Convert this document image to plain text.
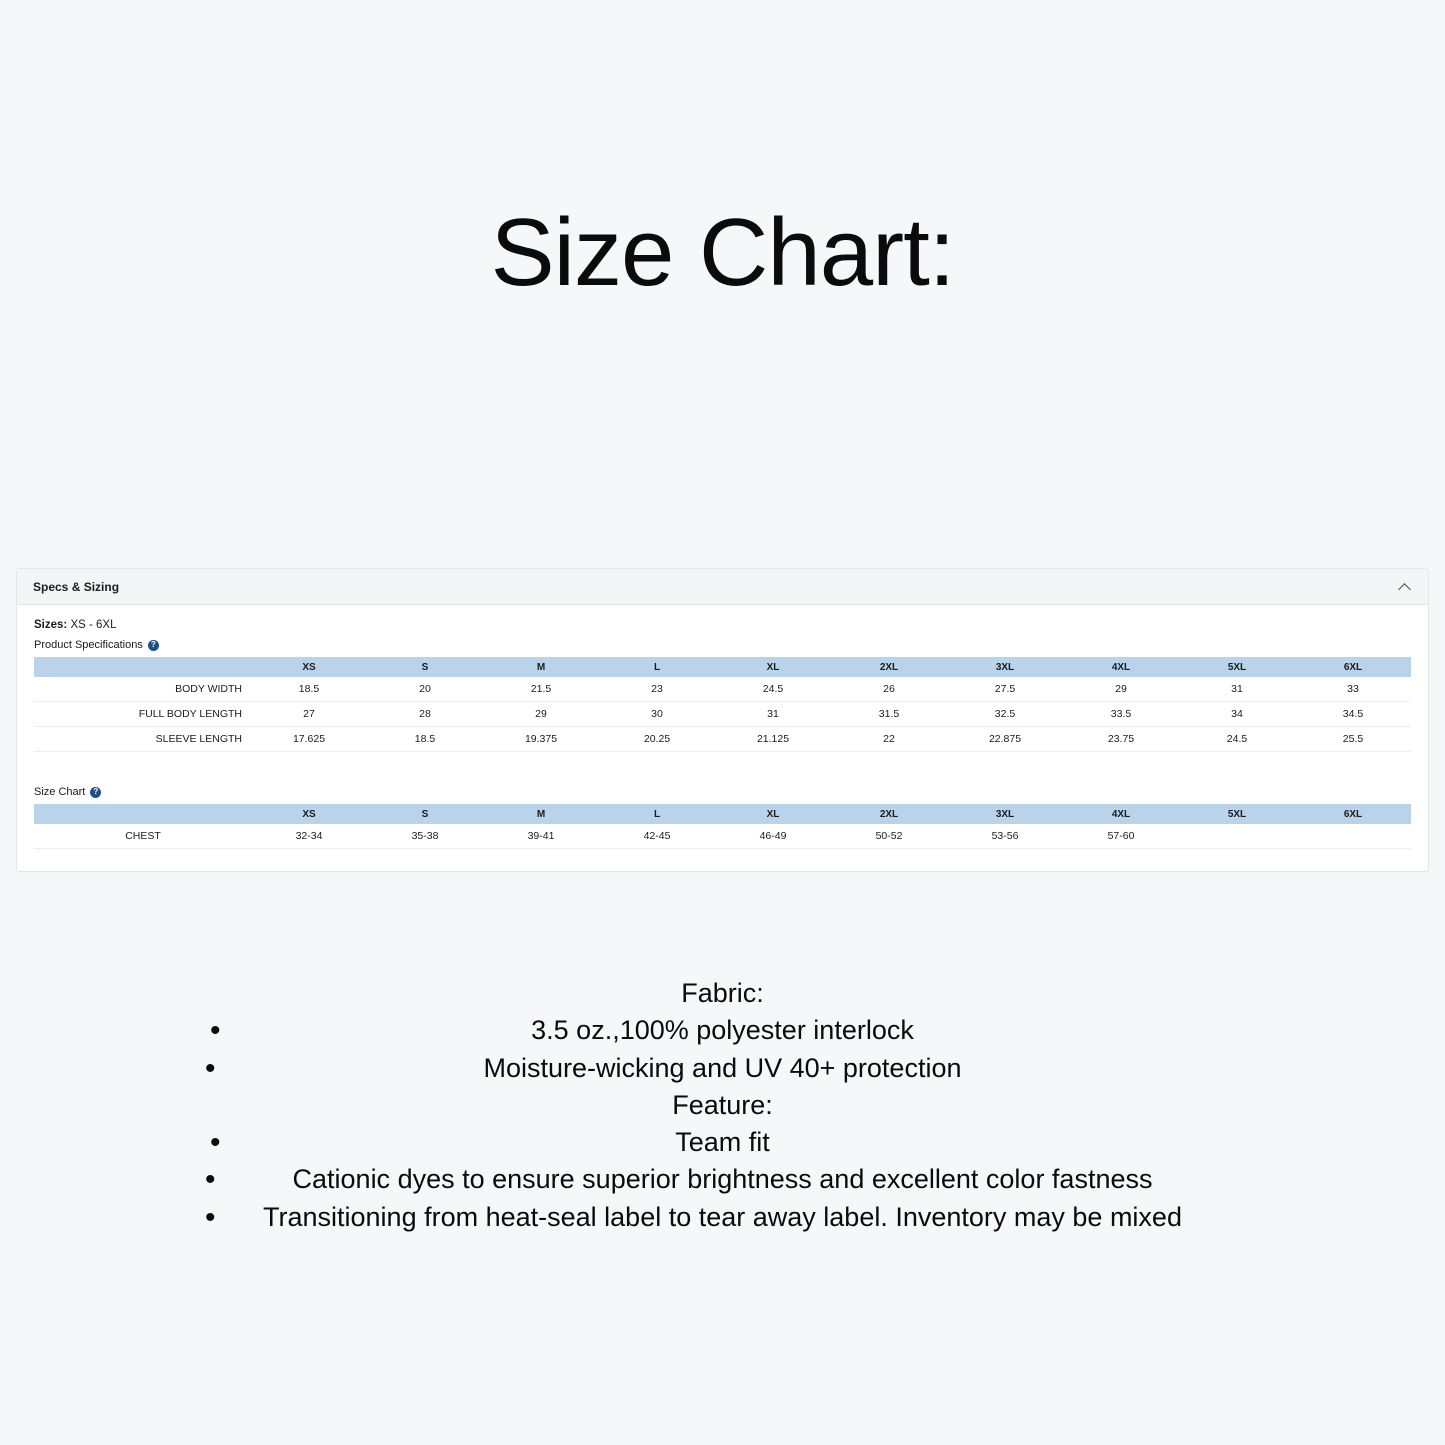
Size Chart:
Specs & Sizing
Sizes: XS - 6XL
Product Specifications	?
	XS	S	M	L	XL	2XL	3XL	4XL	5XL	6XL
BODY WIDTH	18.5	20	21.5	23	24.5	26	27.5	29	31	33
FULL BODY LENGTH	27	28	29	30	31	31.5	32.5	33.5	34	34.5
SLEEVE LENGTH	17.625	18.5	19.375	20.25	21.125	22	22.875	23.75	24.5	25.5
Size Chart	?
	XS	S	M	L	XL	2XL	3XL	4XL	5XL	6XL
CHEST	32-34	35-38	39-41	42-45	46-49	50-52	53-56	57-60		
Fabric:
• 3.5 oz.,100% polyester interlock
• Moisture-wicking and UV 40+ protection
Feature:
• Team fit
• Cationic dyes to ensure superior brightness and excellent color fastness
• Transitioning from heat-seal label to tear away label. Inventory may be mixed
